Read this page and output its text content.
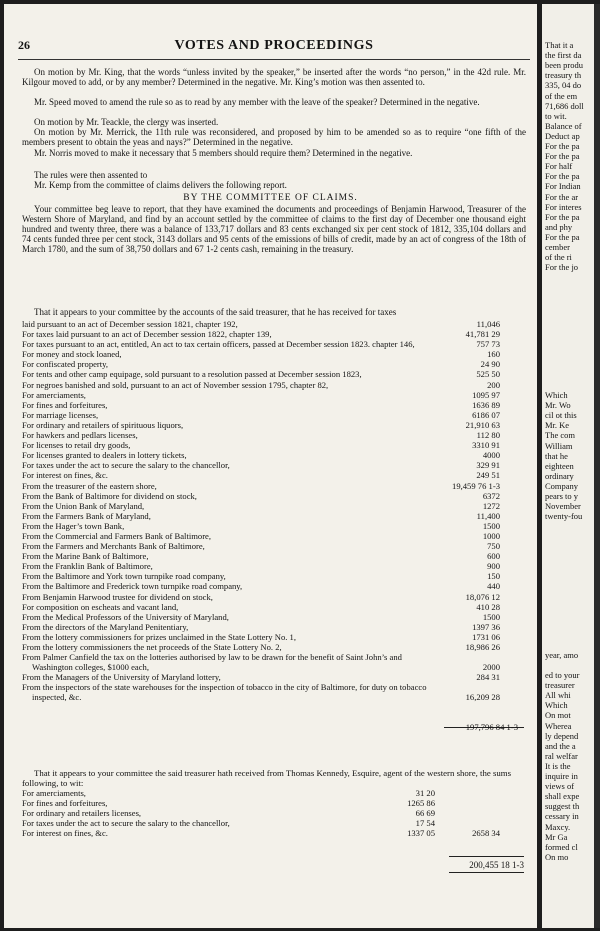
26	VOTES AND PROCEEDINGS
On motion by Mr. King, that the words “unless invited by the speaker,” be inserted after the words “no person,” in the 42d rule. Mr. Kilgour moved to add, or by any member? Determined in the negative. Mr. King’s motion was then assented to.
Mr. Speed moved to amend the rule so as to read by any member with the leave of the speaker? Determined in the negative.
On motion by Mr. Teackle, the clergy was inserted.
On motion by Mr. Merrick, the 11th rule was reconsidered, and proposed by him to be amended so as to require “one fifth of the members present to obtain the yeas and nays?” Determined in the negative.
Mr. Norris moved to make it necessary that 5 members should require them? Determined in the negative.
The rules were then assented to
Mr. Kemp from the committee of claims delivers the following report.
BY THE COMMITTEE OF CLAIMS.
Your committee beg leave to report, that they have examined the documents and proceedings of Benjamin Harwood, Treasurer of the Western Shore of Maryland, and find by an account settled by the committee of claims to the first day of December one thousand eight hundred and twenty three, there was a balance of 133,717 dollars and 83 cents exchanged six per cent stock of 1812, 335,104 dollars and 74 cents funded three per cent stock, 3143 dollars and 95 cents of the emissions of bills of credit, made by an act of congress of the 18th of March 1780, and the sum of 38,750 dollars and 67 1-2 cents cash, remaining in the treasury.
That it appears to your committee by the accounts of the said treasurer, that he has received for taxes
laid pursuant to an act of December session 1821, chapter 192,	11,046
For taxes laid pursuant to an act of December session 1822, chapter 139,	41,781 29
For taxes pursuant to an act, entitled, An act to tax certain officers, passed at December session 1823. chapter 146,	757 73
For money and stock loaned,	160
For confiscated property,	24 90
For tents and other camp equipage, sold pursuant to a resolution passed at December session 1823,	525 50
For negroes banished and sold, pursuant to an act of November session 1795, chapter 82,	200
For amerciaments,	1095 97
For fines and forfeitures,	1636 89
For marriage licenses,	6186 07
For ordinary and retailers of spirituous liquors,	21,910 63
For hawkers and pedlars licenses,	112 80
For licenses to retail dry goods,	3310 91
For licenses granted to dealers in lottery tickets,	4000
For taxes under the act to secure the salary to the chancellor,	329 91
For interest on fines, &c.	249 51
From the treasurer of the eastern shore,	19,459 76 1-3
From the Bank of Baltimore for dividend on stock,	6372
From the Union Bank of Maryland,	1272
From the Farmers Bank of Maryland,	11,400
From the Hager’s town Bank,	1500
From the Commercial and Farmers Bank of Baltimore,	1000
From the Farmers and Merchants Bank of Baltimore,	750
From the Marine Bank of Baltimore,	600
From the Franklin Bank of Baltimore,	900
From the Baltimore and York town turnpike road company,	150
From the Baltimore and Frederick town turnpike road company,	440
From Benjamin Harwood trustee for dividend on stock,	18,076 12
For composition on escheats and vacant land,	410 28
From the Medical Professors of the University of Maryland,	1500
From the directors of the Maryland Penitentiary,	1397 36
From the lottery commissioners for prizes unclaimed in the State Lottery No. 1,	1731 06
From the lottery commissioners the net proceeds of the State Lottery No. 2,	18,986 26
From Palmer Canfield the tax on the lotteries authorised by law to be drawn for the benefit of Saint John’s and Washington colleges, $1000 each,	2000
From the Managers of the University of Maryland lottery,	284 31
From the inspectors of the state warehouses for the inspection of tobacco in the city of Baltimore, for duty on tobacco inspected, &c.	16,209 28
197,796 84 1-3
That it appears to your committee the said treasurer hath received from Thomas Kennedy, Esquire, agent of the western shore, the sums following, to wit:
For amerciaments,	31 20
For fines and forfeitures,	1265 86
For ordinary and retailers licenses,	66 69
For taxes under the act to secure the salary to the chancellor,	17 54
For interest on fines, &c.	1337 05	2658 34
200,455 18 1-3
That it a
the first da
been produ
treasury th
335, 04 do
of the em
71,686 doll
to wit.
Balance of
Deduct ap
For the pa
For the pa
For half
For the pa
For Indian
For the ar
For interes
For the pa
and phy
For the pa
cember
of the ri
For the jo
Which
Mr. Wo
cil ot this
Mr. Ke
The com
William
that he
eighteen
ordinary
Company
pears to y
November
twenty-fou
year, amo
ed to your
treasurer
All whi
Which
On mot
Wherea
ly depend
and the a
ral welfar
It is the
inquire in
views of
shall expe
suggest th
cessary in
Maxcy.
Mr Ga
formed cl
On mo
